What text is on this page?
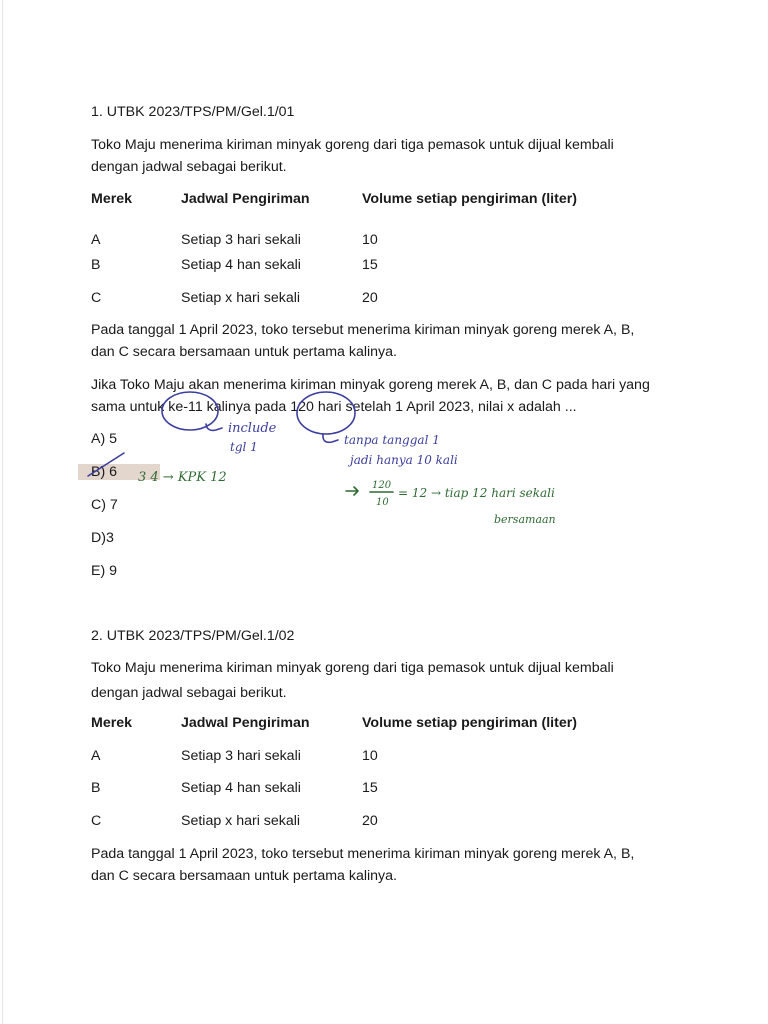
1. UTBK 2023/TPS/PM/Gel.1/01
Toko Maju menerima kiriman minyak goreng dari tiga pemasok untuk dijual kembali
dengan jadwal sebagai berikut.
Merek	Jadwal Pengiriman	Volume setiap pengiriman (liter)
A	Setiap 3 hari sekali	10
B	Setiap 4 han sekali	15
C	Setiap x hari sekali	20
Pada tanggal 1 April 2023, toko tersebut menerima kiriman minyak goreng merek A, B,
dan C secara bersamaan untuk pertama kalinya.
Jika Toko Maju akan menerima kiriman minyak goreng merek A, B, dan C pada hari yang
sama untuk ke-11 kalinya pada 120 hari setelah 1 April 2023, nilai x adalah ...
A) 5
B) 6
C) 7
D)3
E) 9
include
tgl 1	tanpa tanggal 1
jadi hanya 10 kali
3 4 → KPK 12
120
10
= 12 → tiap 12 hari sekali
bersamaan
2. UTBK 2023/TPS/PM/Gel.1/02
Toko Maju menerima kiriman minyak goreng dari tiga pemasok untuk dijual kembali
dengan jadwal sebagai berikut.
Merek	Jadwal Pengiriman	Volume setiap pengiriman (liter)
A	Setiap 3 hari sekali	10
B	Setiap 4 han sekali	15
C	Setiap x hari sekali	20
Pada tanggal 1 April 2023, toko tersebut menerima kiriman minyak goreng merek A, B,
dan C secara bersamaan untuk pertama kalinya.
